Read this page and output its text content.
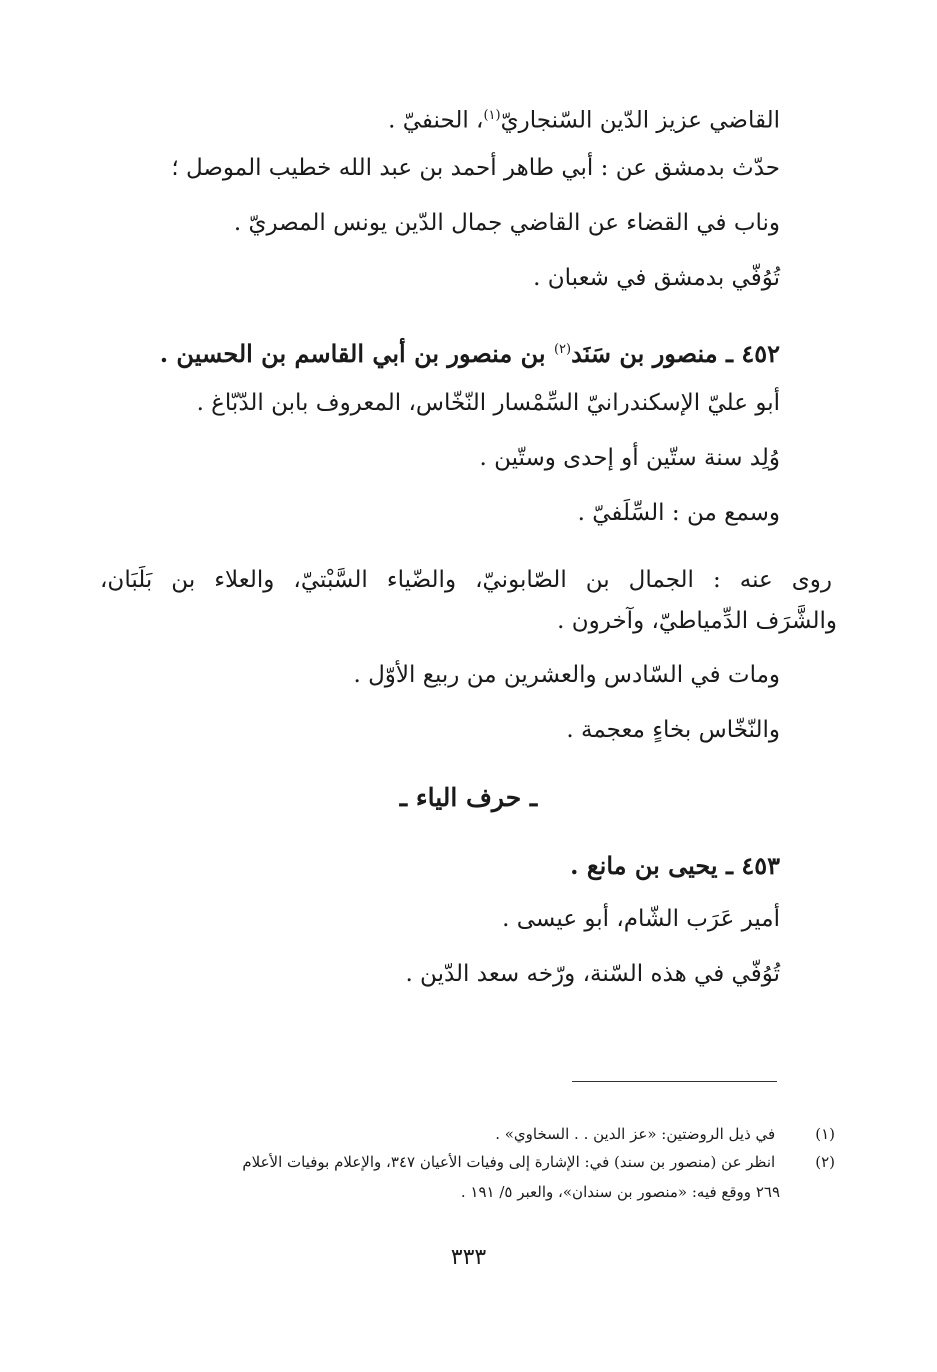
القاضي عزيز الدّين السّنجاريّ$^{(١)}$، الحنفيّ .
حدّث بدمشق عن : أبي طاهر أحمد بن عبد الله خطيب الموصل ؛
وناب في القضاء عن القاضي جمال الدّين يونس المصريّ .
تُوُفّي بدمشق في شعبان .
٤٥٢ ـ منصور بن سَنَد$^{(٢)}$ بن منصور بن أبي القاسم بن الحسين .
أبو عليّ الإسكندرانيّ السِّمْسار النّخّاس، المعروف بابن الدّبّاغ .
وُلِد سنة ستّين أو إحدى وستّين .
وسمع من : السِّلَفيّ .
روى عنه : الجمال بن الصّابونيّ، والضّياء السَّبْتيّ، والعلاء بن بَلَبَان،
والشَّرَف الدِّمياطيّ، وآخرون .
ومات في السّادس والعشرين من ربيع الأوّل .
والنّخّاس بخاءٍ معجمة .
ـ حرف الياء ـ
٤٥٣ ـ يحيى بن مانع .
أمير عَرَب الشّام، أبو عيسى .
تُوُفّي في هذه السّنة، ورّخه سعد الدّين .
(١) في ذيل الروضتين: «عز الدين . . السخاوي» .
(٢) انظر عن (منصور بن سند) في: الإشارة إلى وفيات الأعيان ٣٤٧، والإعلام بوفيات الأعلام
٢٦٩ ووقع فيه: «منصور بن سندان»، والعبر ٥/ ١٩١ .
٣٣٣
